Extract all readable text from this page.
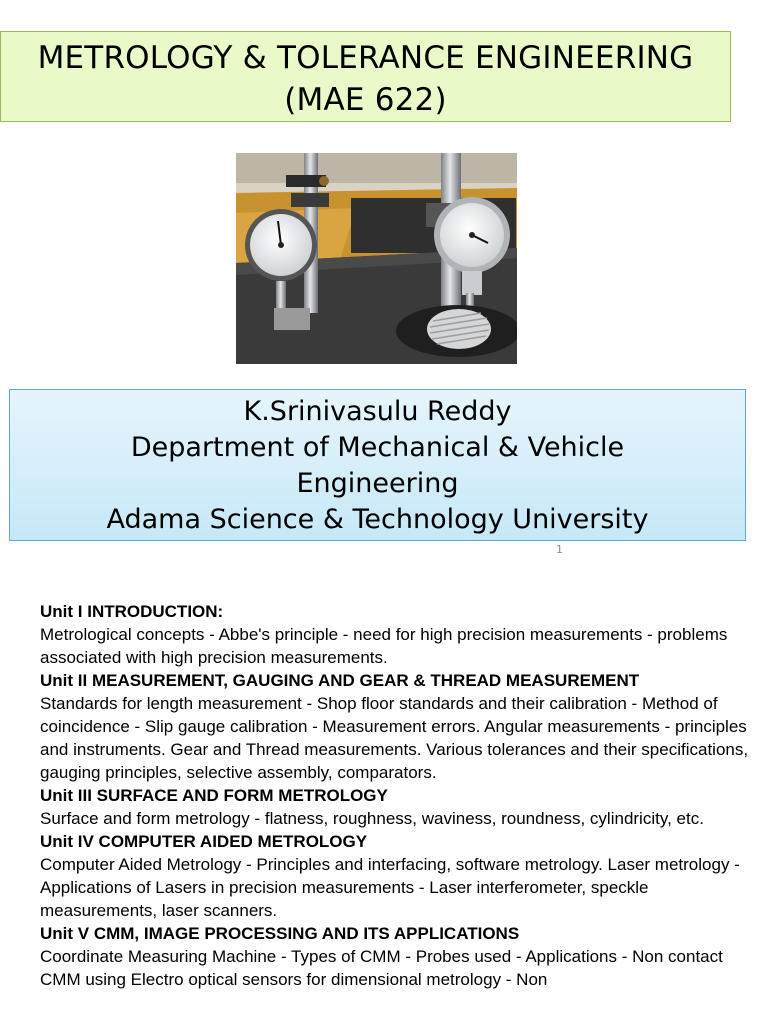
METROLOGY & TOLERANCE ENGINEERING
(MAE 622)
K.Srinivasulu Reddy
Department of Mechanical & Vehicle
Engineering
Adama Science & Technology University
1

Unit I INTRODUCTION:

Metrological concepts - Abbe's principle - need for high precision measurements - problems associated with high precision measurements.

Unit II MEASUREMENT, GAUGING AND GEAR & THREAD MEASUREMENT

Standards for length measurement - Shop floor standards and their calibration - Method of coincidence - Slip gauge calibration - Measurement errors. Angular measurements - principles and instruments. Gear and Thread measurements. Various tolerances and their specifications, gauging principles, selective assembly, comparators.

Unit III SURFACE AND FORM METROLOGY

Surface and form metrology - flatness, roughness, waviness, roundness, cylindricity, etc.

Unit IV COMPUTER AIDED METROLOGY

Computer Aided Metrology - Principles and interfacing, software metrology. Laser metrology - Applications of Lasers in precision measurements - Laser interferometer, speckle measurements, laser scanners.

Unit V CMM, IMAGE PROCESSING AND ITS APPLICATIONS

Coordinate Measuring Machine - Types of CMM - Probes used - Applications - Non contact CMM using Electro optical sensors for dimensional metrology - Non
